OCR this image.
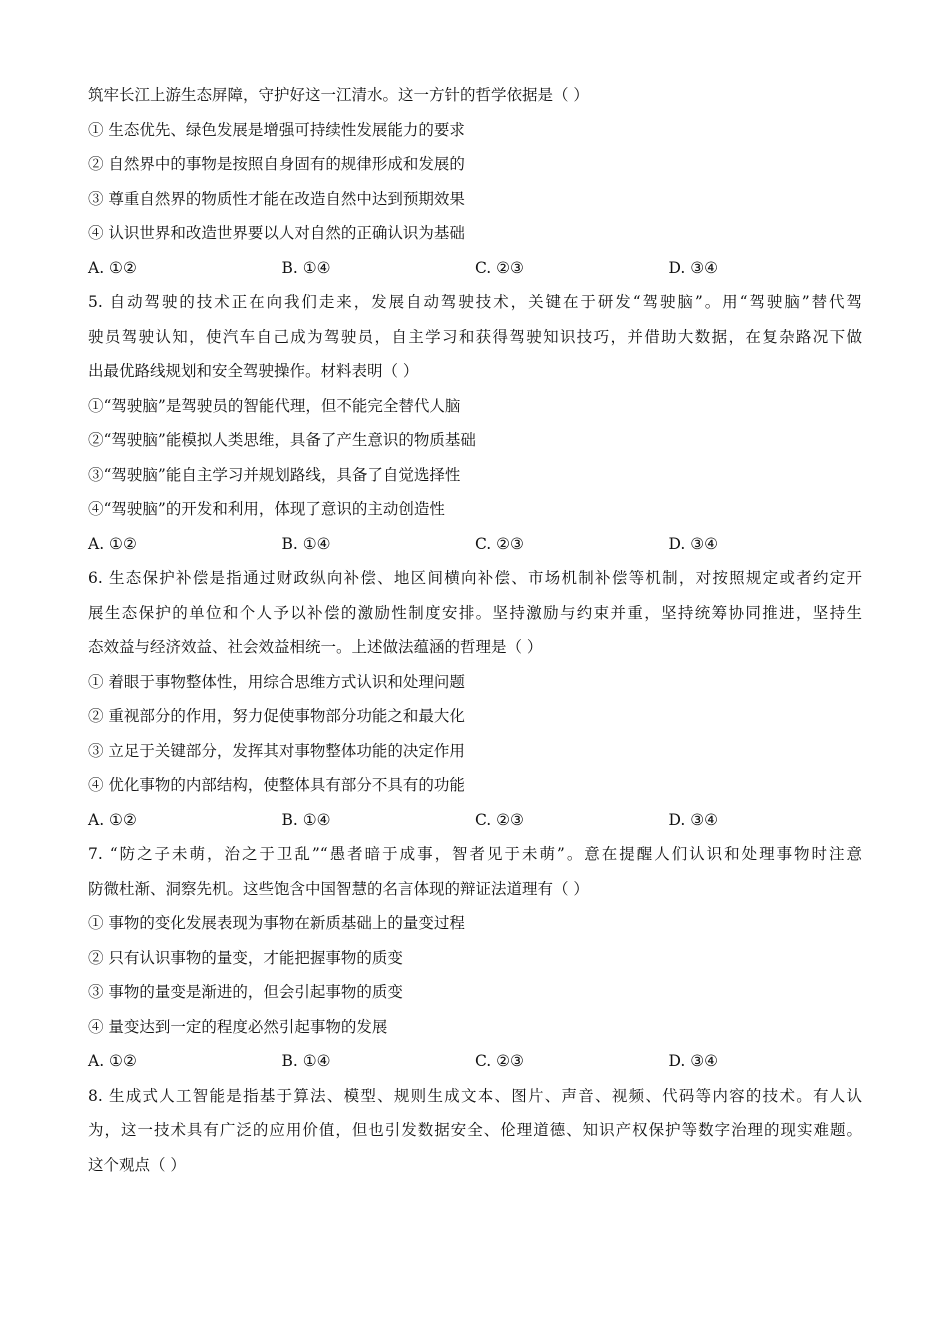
筑牢长江上游生态屏障，守护好这一江清水。这一方针的哲学依据是（ ）
① 生态优先、绿色发展是增强可持续性发展能力的要求
② 自然界中的事物是按照自身固有的规律形成和发展的
③ 尊重自然界的物质性才能在改造自然中达到预期效果
④ 认识世界和改造世界要以人对自然的正确认识为基础
A. ①②	B. ①④	C. ②③	D. ③④
5. 自动驾驶的技术正在向我们走来，发展自动驾驶技术，关键在于研发“驾驶脑”。用“驾驶脑”替代驾
驶员驾驶认知，使汽车自己成为驾驶员，自主学习和获得驾驶知识技巧，并借助大数据，在复杂路况下做
出最优路线规划和安全驾驶操作。材料表明（ ）
①“驾驶脑”是驾驶员的智能代理，但不能完全替代人脑
②“驾驶脑”能模拟人类思维，具备了产生意识的物质基础
③“驾驶脑”能自主学习并规划路线，具备了自觉选择性
④“驾驶脑”的开发和利用，体现了意识的主动创造性
A. ①②	B. ①④	C. ②③	D. ③④
6. 生态保护补偿是指通过财政纵向补偿、地区间横向补偿、市场机制补偿等机制，对按照规定或者约定开
展生态保护的单位和个人予以补偿的激励性制度安排。坚持激励与约束并重，坚持统筹协同推进，坚持生
态效益与经济效益、社会效益相统一。上述做法蕴涵的哲理是（ ）
① 着眼于事物整体性，用综合思维方式认识和处理问题
② 重视部分的作用，努力促使事物部分功能之和最大化
③ 立足于关键部分，发挥其对事物整体功能的决定作用
④ 优化事物的内部结构，使整体具有部分不具有的功能
A. ①②	B. ①④	C. ②③	D. ③④
7. “防之子未萌，治之于卫乱”“愚者暗于成事，智者见于未萌”。意在提醒人们认识和处理事物时注意
防微杜渐、洞察先机。这些饱含中国智慧的名言体现的辩证法道理有（ ）
① 事物的变化发展表现为事物在新质基础上的量变过程
② 只有认识事物的量变，才能把握事物的质变
③ 事物的量变是渐进的，但会引起事物的质变
④ 量变达到一定的程度必然引起事物的发展
A. ①②	B. ①④	C. ②③	D. ③④
8. 生成式人工智能是指基于算法、模型、规则生成文本、图片、声音、视频、代码等内容的技术。有人认
为，这一技术具有广泛的应用价值，但也引发数据安全、伦理道德、知识产权保护等数字治理的现实难题。
这个观点（ ）
